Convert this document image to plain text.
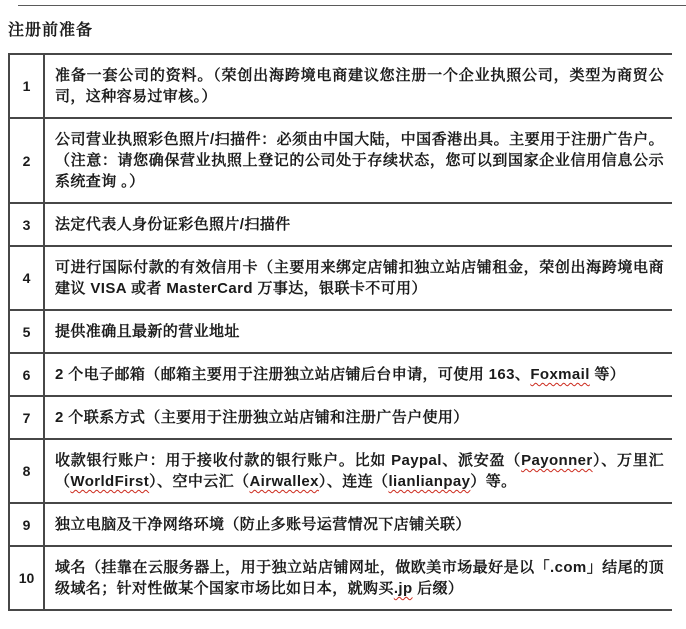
注册前准备
1	准备一套公司的资料。（荣创出海跨境电商建议您注册一个企业执照公司，类型为商贸公司，这种容易过审核。）
2	公司营业执照彩色照片/扫描件：必须由中国大陆，中国香港出具。主要用于注册广告户。（注意：请您确保营业执照上登记的公司处于存续状态，您可以到国家企业信用信息公示系统查询 。）
3	法定代表人身份证彩色照片/扫描件
4	可进行国际付款的有效信用卡（主要用来绑定店铺扣独立站店铺租金，荣创出海跨境电商建议 VISA 或者 MasterCard 万事达，银联卡不可用）
5	提供准确且最新的营业地址
6	2 个电子邮箱（邮箱主要用于注册独立站店铺后台申请，可使用 163、Foxmail 等）
7	2 个联系方式（主要用于注册独立站店铺和注册广告户使用）
8	收款银行账户：用于接收付款的银行账户。比如 Paypal、派安盈（Payonner）、万里汇（WorldFirst）、空中云汇（Airwallex）、连连（lianlianpay）等。
9	独立电脑及干净网络环境（防止多账号运营情况下店铺关联）
10	域名（挂靠在云服务器上，用于独立站店铺网址，做欧美市场最好是以「.com」结尾的顶级域名；针对性做某个国家市场比如日本，就购买.jp 后缀）
